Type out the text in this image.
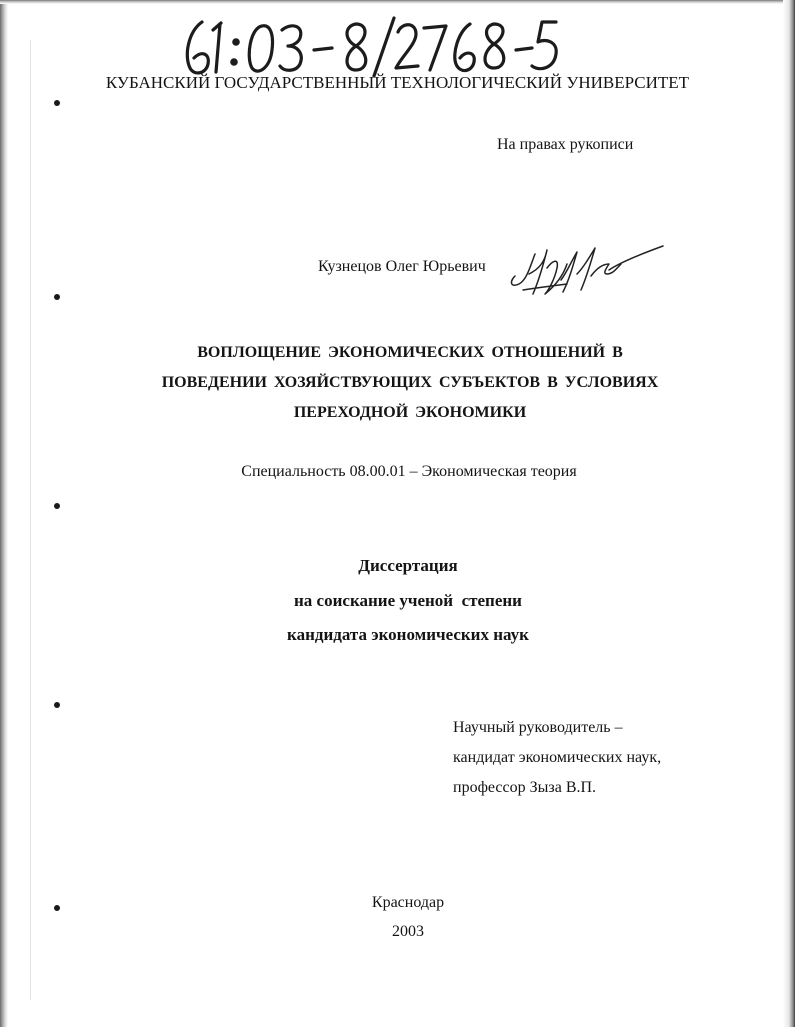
КУБАНСКИЙ ГОСУДАРСТВЕННЫЙ ТЕХНОЛОГИЧЕСКИЙ УНИВЕРСИТЕТ
На правах рукописи
Кузнецов Олег Юрьевич
ВОПЛОЩЕНИЕ ЭКОНОМИЧЕСКИХ ОТНОШЕНИЙ В
ПОВЕДЕНИИ ХОЗЯЙСТВУЮЩИХ СУБЪЕКТОВ В УСЛОВИЯХ
ПЕРЕХОДНОЙ ЭКОНОМИКИ
Специальность 08.00.01 – Экономическая теория
Диссертация
на соискание ученой  степени
кандидата экономических наук
Научный руководитель –
кандидат экономических наук,
профессор Зыза В.П.
Краснодар
2003
